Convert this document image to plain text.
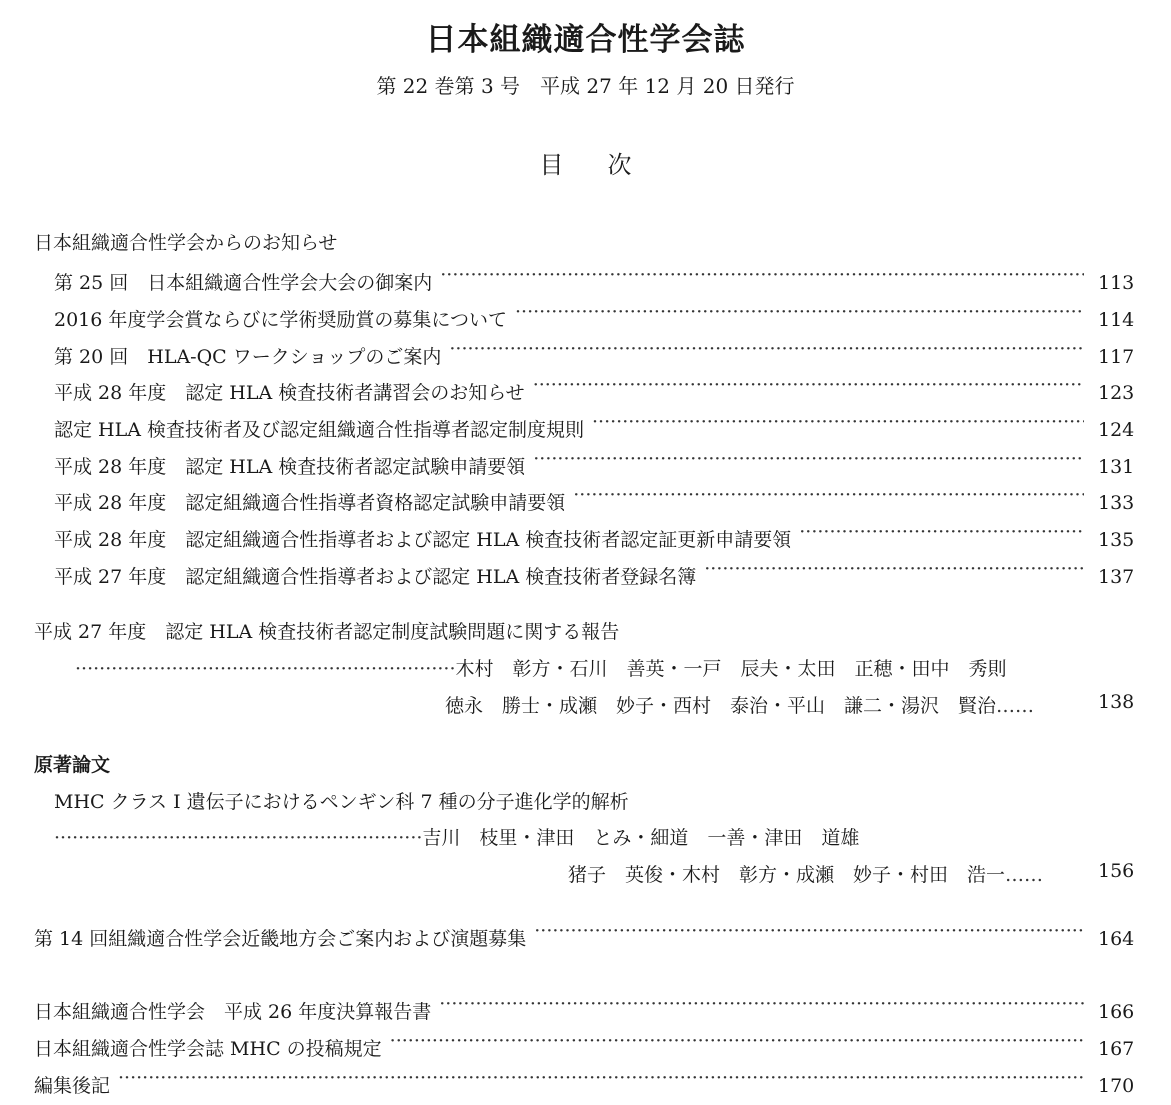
日本組織適合性学会誌
第 22 巻第 3 号　平成 27 年 12 月 20 日発行
目次
日本組織適合性学会からのお知らせ
第 25 回　日本組織適合性学会大会の御案内 ·····	113
2016 年度学会賞ならびに学術奨励賞の募集について ·····	114
第 20 回　HLA-QC ワークショップのご案内 ·····	117
平成 28 年度　認定 HLA 検査技術者講習会のお知らせ ·····	123
認定 HLA 検査技術者及び認定組織適合性指導者認定制度規則 ·····	124
平成 28 年度　認定 HLA 検査技術者認定試験申請要領 ·····	131
平成 28 年度　認定組織適合性指導者資格認定試験申請要領 ·····	133
平成 28 年度　認定組織適合性指導者および認定 HLA 検査技術者認定証更新申請要領 ·····	135
平成 27 年度　認定組織適合性指導者および認定 HLA 検査技術者登録名簿 ·····	137
平成 27 年度　認定 HLA 検査技術者認定制度試験問題に関する報告
·······························································木村　彰方・石川　善英・一戸　辰夫・太田　正穂・田中　秀則
徳永　勝士・成瀬　妙子・西村　泰治・平山　謙二・湯沢　賢治……	138
原著論文
MHC クラス I 遺伝子におけるペンギン科 7 種の分子進化学的解析
·····························································吉川　枝里・津田　とみ・細道　一善・津田　道雄
猪子　英俊・木村　彰方・成瀬　妙子・村田　浩一……	156
第 14 回組織適合性学会近畿地方会ご案内および演題募集 ·····	164
日本組織適合性学会　平成 26 年度決算報告書 ·····	166
日本組織適合性学会誌 MHC の投稿規定 ·····	167
編集後記 ·····	170
